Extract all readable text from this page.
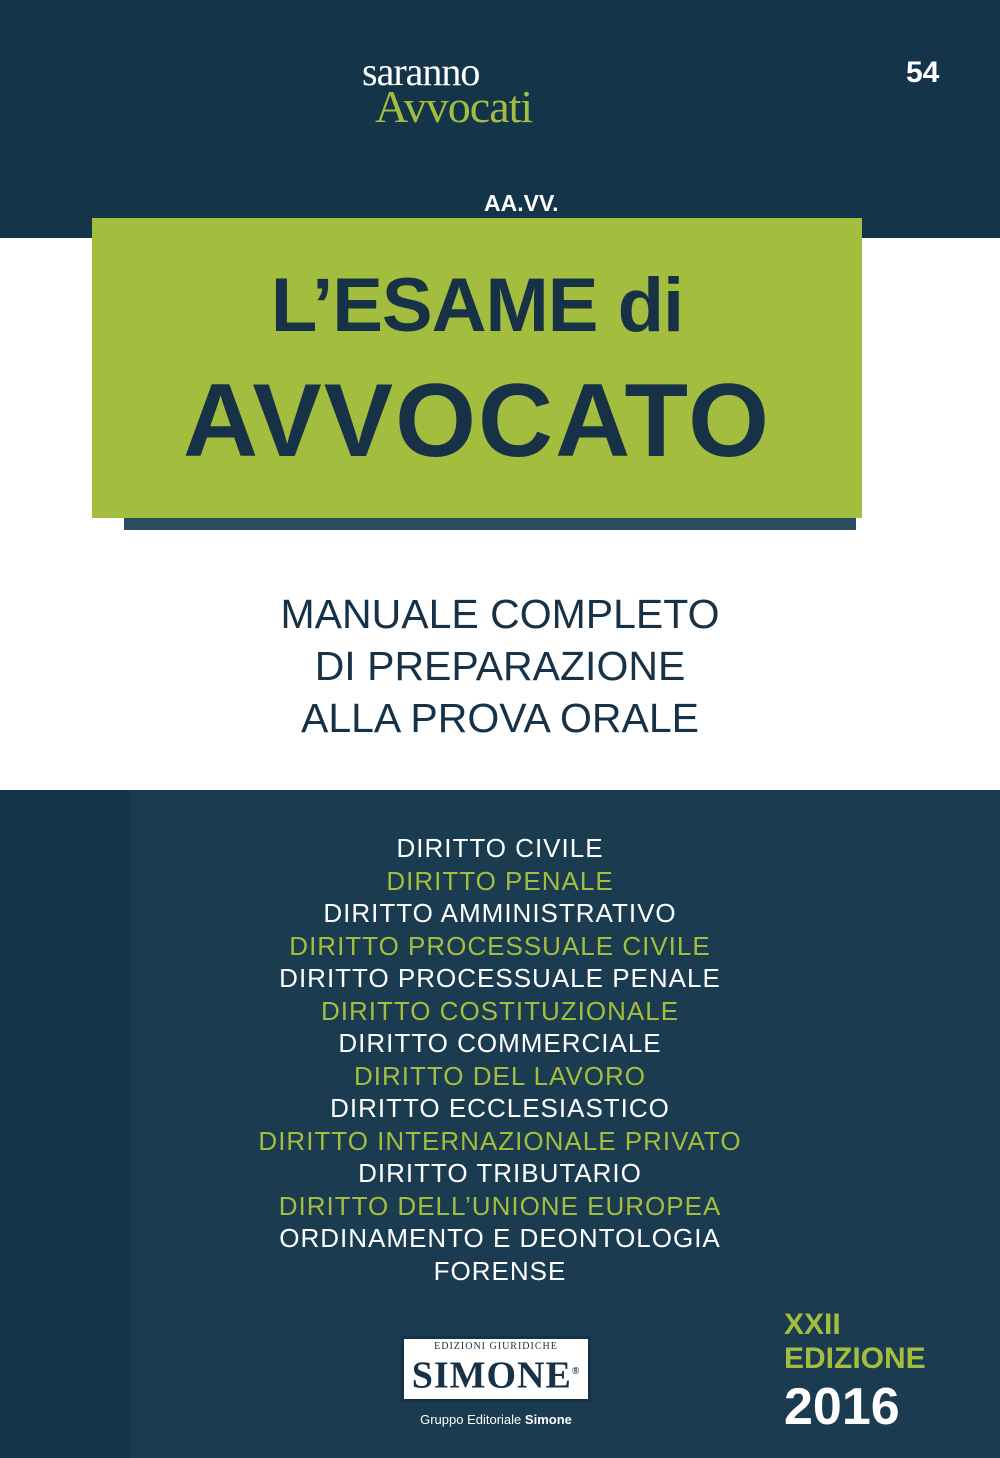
saranno
Avvocati
54
AA.VV.
L’ESAME di
AVVOCATO
MANUALE COMPLETO
DI PREPARAZIONE
ALLA PROVA ORALE
DIRITTO CIVILE
DIRITTO PENALE
DIRITTO AMMINISTRATIVO
DIRITTO PROCESSUALE CIVILE
DIRITTO PROCESSUALE PENALE
DIRITTO COSTITUZIONALE
DIRITTO COMMERCIALE
DIRITTO DEL LAVORO
DIRITTO ECCLESIASTICO
DIRITTO INTERNAZIONALE PRIVATO
DIRITTO TRIBUTARIO
DIRITTO DELL’UNIONE EUROPEA
ORDINAMENTO E DEONTOLOGIA
FORENSE
EDIZIONI GIURIDICHE
SIMONE®
Gruppo Editoriale Simone
XXII
EDIZIONE
2016
